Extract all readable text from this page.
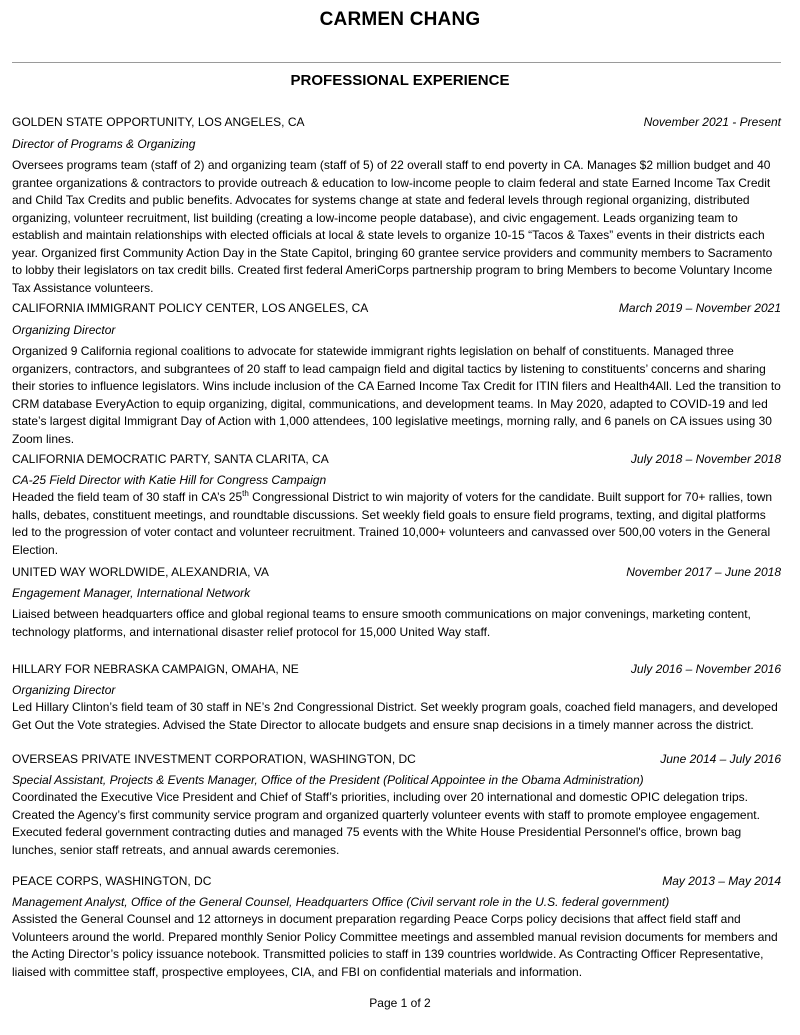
CARMEN CHANG
PROFESSIONAL EXPERIENCE
GOLDEN STATE OPPORTUNITY, LOS ANGELES, CA	November 2021 - Present
Director of Programs & Organizing

Oversees programs team (staff of 2) and organizing team (staff of 5) of 22 overall staff to end poverty in CA. Manages $2 million budget and 40 grantee organizations & contractors to provide outreach & education to low-income people to claim federal and state Earned Income Tax Credit and Child Tax Credits and public benefits. Advocates for systems change at state and federal levels through regional organizing, distributed organizing, volunteer recruitment, list building (creating a low-income people database), and civic engagement. Leads organizing team to establish and maintain relationships with elected officials at local & state levels to organize 10-15 “Tacos & Taxes” events in their districts each year. Organized first Community Action Day in the State Capitol, bringing 60 grantee service providers and community members to Sacramento to lobby their legislators on tax credit bills. Created first federal AmeriCorps partnership program to bring Members to become Voluntary Income Tax Assistance volunteers.

CALIFORNIA IMMIGRANT POLICY CENTER, LOS ANGELES, CA	March 2019 – November 2021
Organizing Director

Organized 9 California regional coalitions to advocate for statewide immigrant rights legislation on behalf of constituents. Managed three organizers, contractors, and subgrantees of 20 staff to lead campaign field and digital tactics by listening to constituents’ concerns and sharing their stories to influence legislators. Wins include inclusion of the CA Earned Income Tax Credit for ITIN filers and Health4All. Led the transition to CRM database EveryAction to equip organizing, digital, communications, and development teams. In May 2020, adapted to COVID-19 and led state’s largest digital Immigrant Day of Action with 1,000 attendees, 100 legislative meetings, morning rally, and 6 panels on CA issues using 30 Zoom lines.

CALIFORNIA DEMOCRATIC PARTY, SANTA CLARITA, CA	July 2018 – November 2018
CA-25 Field Director with Katie Hill for Congress Campaign

Headed the field team of 30 staff in CA’s 25th Congressional District to win majority of voters for the candidate. Built support for 70+ rallies, town halls, debates, constituent meetings, and roundtable discussions. Set weekly field goals to ensure field programs, texting, and digital platforms led to the progression of voter contact and volunteer recruitment. Trained 10,000+ volunteers and canvassed over 500,00 voters in the General Election.

UNITED WAY WORLDWIDE, ALEXANDRIA, VA	November 2017 – June 2018
Engagement Manager, International Network

Liaised between headquarters office and global regional teams to ensure smooth communications on major convenings, marketing content, technology platforms, and international disaster relief protocol for 15,000 United Way staff.

HILLARY FOR NEBRASKA CAMPAIGN, OMAHA, NE	July 2016 – November 2016
Organizing Director

Led Hillary Clinton’s field team of 30 staff in NE’s 2nd Congressional District. Set weekly program goals, coached field managers, and developed Get Out the Vote strategies. Advised the State Director to allocate budgets and ensure snap decisions in a timely manner across the district.

OVERSEAS PRIVATE INVESTMENT CORPORATION, WASHINGTON, DC	June 2014 – July 2016
Special Assistant, Projects & Events Manager, Office of the President (Political Appointee in the Obama Administration)

Coordinated the Executive Vice President and Chief of Staff’s priorities, including over 20 international and domestic OPIC delegation trips. Created the Agency’s first community service program and organized quarterly volunteer events with staff to promote employee engagement. Executed federal government contracting duties and managed 75 events with the White House Presidential Personnel's office, brown bag lunches, senior staff retreats, and annual awards ceremonies.

PEACE CORPS, WASHINGTON, DC	May 2013 – May 2014
Management Analyst, Office of the General Counsel, Headquarters Office (Civil servant role in the U.S. federal government)

Assisted the General Counsel and 12 attorneys in document preparation regarding Peace Corps policy decisions that affect field staff and Volunteers around the world. Prepared monthly Senior Policy Committee meetings and assembled manual revision documents for members and the Acting Director’s policy issuance notebook. Transmitted policies to staff in 139 countries worldwide. As Contracting Officer Representative, liaised with committee staff, prospective employees, CIA, and FBI on confidential materials and information.

Page 1 of 2
